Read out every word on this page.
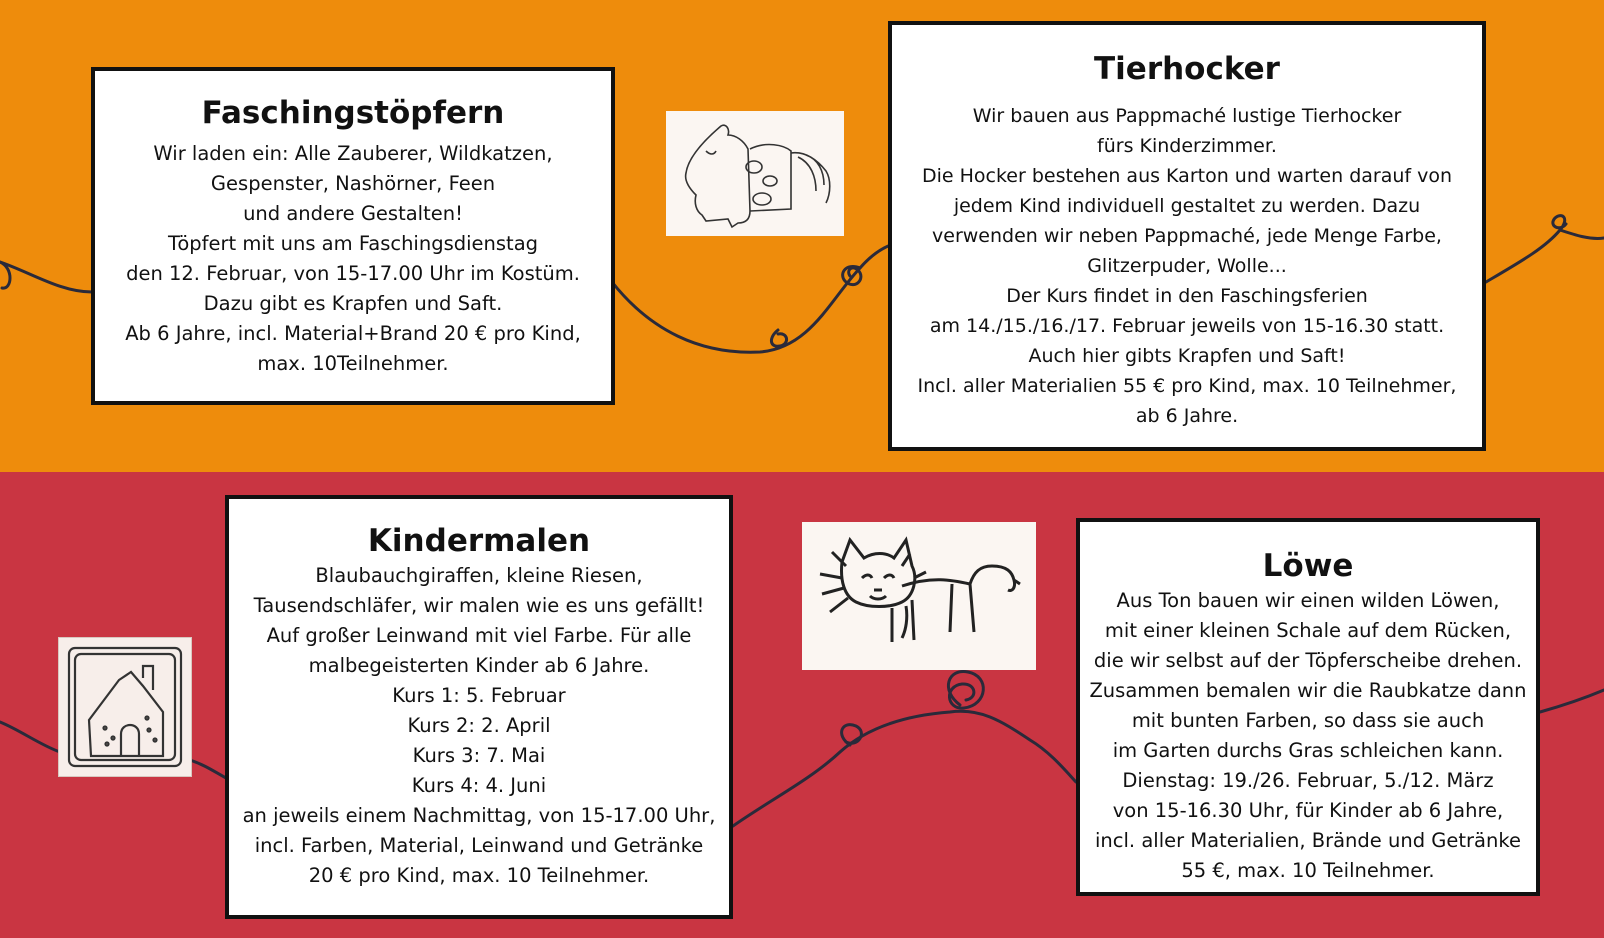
Faschingstöpfern
Wir laden ein: Alle Zauberer, Wildkatzen,
Gespenster, Nashörner, Feen
und andere Gestalten!
Töpfert mit uns am Faschingsdienstag
den 12. Februar, von 15-17.00 Uhr im Kostüm.
Dazu gibt es Krapfen und Saft.
Ab 6 Jahre, incl. Material+Brand 20 € pro Kind,
max. 10Teilnehmer.
Tierhocker
Wir bauen aus Pappmaché lustige Tierhocker
fürs Kinderzimmer.
Die Hocker bestehen aus Karton und warten darauf von
jedem Kind individuell gestaltet zu werden. Dazu
verwenden wir neben Pappmaché, jede Menge Farbe,
Glitzerpuder, Wolle...
Der Kurs findet in den Faschingsferien
am 14./15./16./17. Februar jeweils von 15-16.30 statt.
Auch hier gibts Krapfen und Saft!
Incl. aller Materialien 55 € pro Kind, max. 10 Teilnehmer,
ab 6 Jahre.
Kindermalen
Blaubauchgiraffen, kleine Riesen,
Tausendschläfer, wir malen wie es uns gefällt!
Auf großer Leinwand mit viel Farbe. Für alle
malbegeisterten Kinder ab 6 Jahre.
Kurs 1: 5. Februar
Kurs 2: 2. April
Kurs 3: 7. Mai
Kurs 4: 4. Juni
an jeweils einem Nachmittag, von 15-17.00 Uhr,
incl. Farben, Material, Leinwand und Getränke
20 € pro Kind, max. 10 Teilnehmer.
Löwe
Aus Ton bauen wir einen wilden Löwen,
mit einer kleinen Schale auf dem Rücken,
die wir selbst auf der Töpferscheibe drehen.
Zusammen bemalen wir die Raubkatze dann
mit bunten Farben, so dass sie auch
im Garten durchs Gras schleichen kann.
Dienstag: 19./26. Februar, 5./12. März
von 15-16.30 Uhr, für Kinder ab 6 Jahre,
incl. aller Materialien, Brände und Getränke
55 €, max. 10 Teilnehmer.
